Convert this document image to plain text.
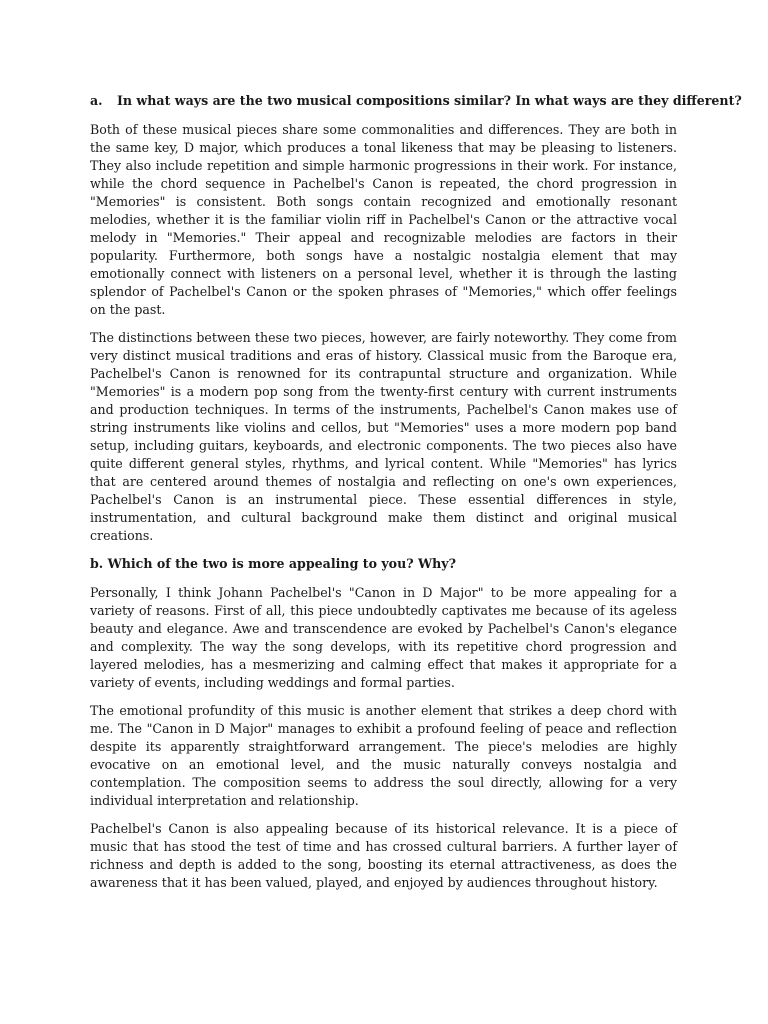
a. In what ways are the two musical compositions similar? In what ways are they different?

Both of these musical pieces share some commonalities and differences. They are both in the same key, D major, which produces a tonal likeness that may be pleasing to listeners. They also include repetition and simple harmonic progressions in their work. For instance, while the chord sequence in Pachelbel's Canon is repeated, the chord progression in "Memories" is consistent. Both songs contain recognized and emotionally resonant melodies, whether it is the familiar violin riff in Pachelbel's Canon or the attractive vocal melody in "Memories." Their appeal and recognizable melodies are factors in their popularity. Furthermore, both songs have a nostalgic nostalgia element that may emotionally connect with listeners on a personal level, whether it is through the lasting splendor of Pachelbel's Canon or the spoken phrases of "Memories," which offer feelings on the past.

The distinctions between these two pieces, however, are fairly noteworthy. They come from very distinct musical traditions and eras of history. Classical music from the Baroque era, Pachelbel's Canon is renowned for its contrapuntal structure and organization. While "Memories" is a modern pop song from the twenty-first century with current instruments and production techniques. In terms of the instruments, Pachelbel's Canon makes use of string instruments like violins and cellos, but "Memories" uses a more modern pop band setup, including guitars, keyboards, and electronic components. The two pieces also have quite different general styles, rhythms, and lyrical content. While "Memories" has lyrics that are centered around themes of nostalgia and reflecting on one's own experiences, Pachelbel's Canon is an instrumental piece. These essential differences in style, instrumentation, and cultural background make them distinct and original musical creations.

b. Which of the two is more appealing to you? Why?

Personally, I think Johann Pachelbel's "Canon in D Major" to be more appealing for a variety of reasons. First of all, this piece undoubtedly captivates me because of its ageless beauty and elegance. Awe and transcendence are evoked by Pachelbel's Canon's elegance and complexity. The way the song develops, with its repetitive chord progression and layered melodies, has a mesmerizing and calming effect that makes it appropriate for a variety of events, including weddings and formal parties.

The emotional profundity of this music is another element that strikes a deep chord with me. The "Canon in D Major" manages to exhibit a profound feeling of peace and reflection despite its apparently straightforward arrangement. The piece's melodies are highly evocative on an emotional level, and the music naturally conveys nostalgia and contemplation. The composition seems to address the soul directly, allowing for a very individual interpretation and relationship.

Pachelbel's Canon is also appealing because of its historical relevance. It is a piece of music that has stood the test of time and has crossed cultural barriers. A further layer of richness and depth is added to the song, boosting its eternal attractiveness, as does the awareness that it has been valued, played, and enjoyed by audiences throughout history.
